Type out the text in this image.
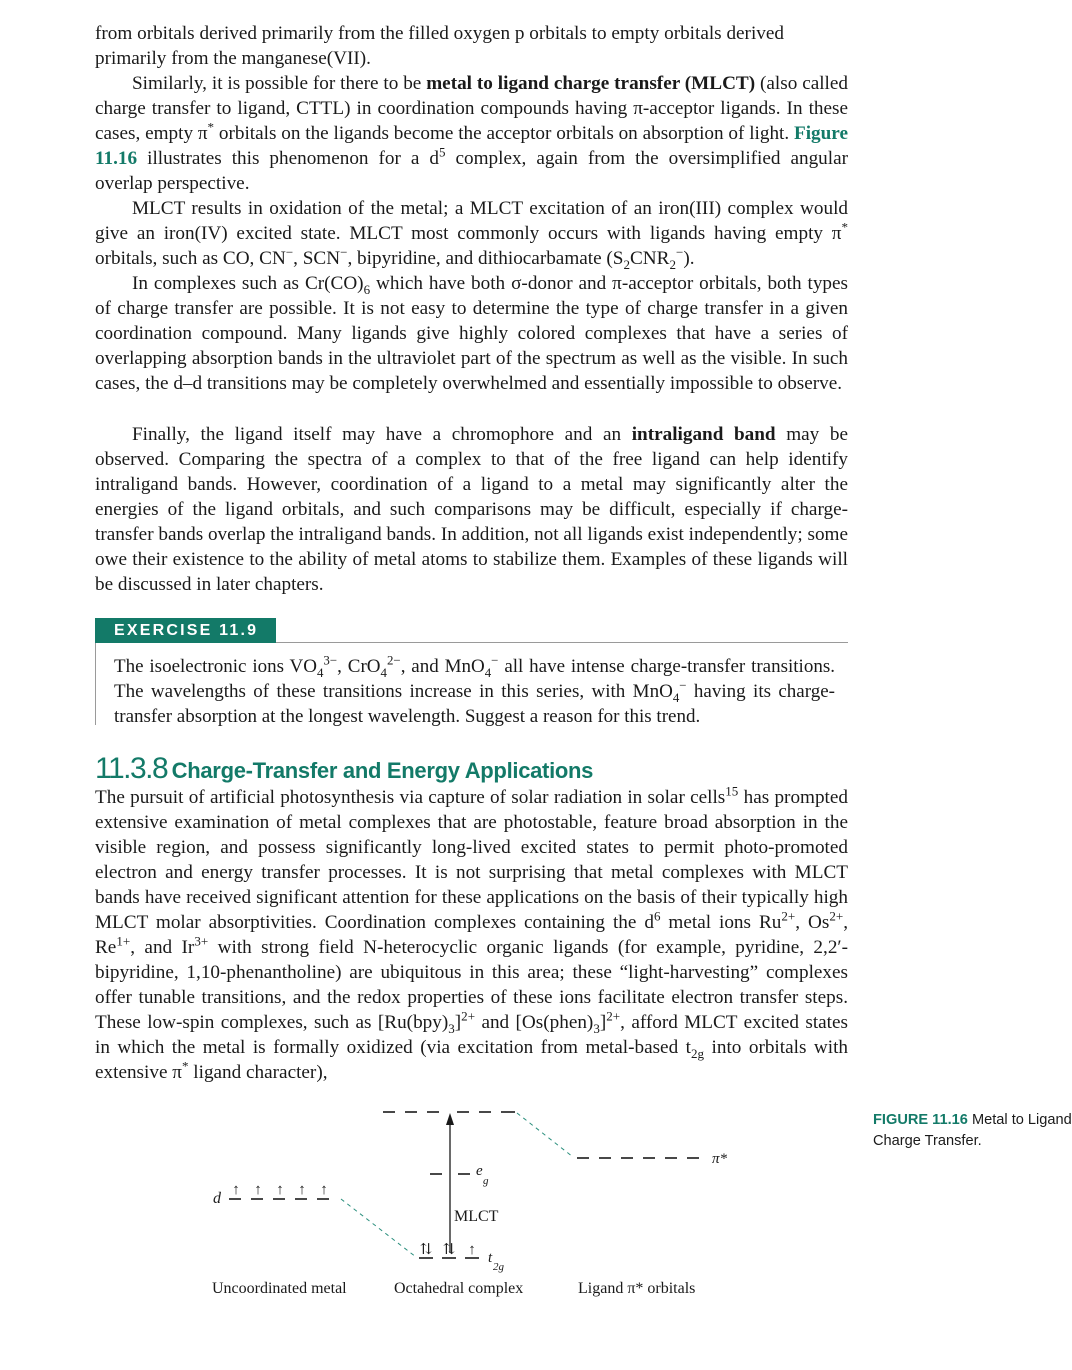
from orbitals derived primarily from the filled oxygen p orbitals to empty orbitals derived

primarily from the manganese(VII).

Similarly, it is possible for there to be metal to ligand charge transfer (MLCT) (also called charge transfer to ligand, CTTL) in coordination compounds having π-acceptor ligands. In these cases, empty π* orbitals on the ligands become the acceptor orbitals on absorption of light. Figure 11.16 illustrates this phenomenon for a $d^5$ complex, again from the oversimplified angular overlap perspective.

MLCT results in oxidation of the metal; a MLCT excitation of an iron(III) complex would give an iron(IV) excited state. MLCT most commonly occurs with ligands having empty π* orbitals, such as CO, CN−, SCN−, bipyridine, and dithiocarbamate $(S_2CNR_2^-)$.

In complexes such as $Cr(CO)_6$ which have both σ-donor and π-acceptor orbitals, both types of charge transfer are possible. It is not easy to determine the type of charge transfer in a given coordination compound. Many ligands give highly colored complexes that have a series of overlapping absorption bands in the ultraviolet part of the spectrum as well as the visible. In such cases, the d–d transitions may be completely overwhelmed and essentially impossible to observe.

Finally, the ligand itself may have a chromophore and an intraligand band may be observed. Comparing the spectra of a complex to that of the free ligand can help identify intraligand bands. However, coordination of a ligand to a metal may significantly alter the energies of the ligand orbitals, and such comparisons may be difficult, especially if charge-transfer bands overlap the intraligand bands. In addition, not all ligands exist independently; some owe their existence to the ability of metal atoms to stabilize them. Examples of these ligands will be discussed in later chapters.

EXERCISE 11.9

The isoelectronic ions $VO_4^{3-}$, CrO$_4^{2-}$, and MnO$_4$− all have intense charge-transfer transitions. The wavelengths of these transitions increase in this series, with MnO$_4$− having its charge-transfer absorption at the longest wavelength. Suggest a reason for this trend.

11.3.8 Charge-Transfer and Energy Applications

The pursuit of artificial photosynthesis via capture of solar radiation in solar cells$^{15}$ has prompted extensive examination of metal complexes that are photostable, feature broad absorption in the visible region, and possess significantly long-lived excited states to permit photo-promoted electron and energy transfer processes. It is not surprising that metal complexes with MLCT bands have received significant attention for these applications on the basis of their typically high MLCT molar absorptivities. Coordination complexes containing the $d^6$ metal ions $Ru^{2+}$, $Os^{2+}$, $Re^{1+}$, and $Ir^{3+}$ with strong field N-heterocyclic organic ligands (for example, pyridine, 2,2′-bipyridine, 1,10-phenantholine) are ubiquitous in this area; these “light-harvesting” complexes offer tunable transitions, and the redox properties of these ions facilitate electron transfer steps. These low-spin complexes, such as $[Ru(bpy)_3]^{2+}$ and $[Os(phen)_3]^{2+}$, afford MLCT excited states in which the metal is formally oxidized (via excitation from metal-based $t_{2g}$ into orbitals with extensive π* ligand character),

FIGURE 11.16 Metal to Ligand
Charge Transfer.
d ↑ ↑ ↑ ↑ ↑
e
g
⇅ ⇅ ↑ t
2g
MLCT
π*
Uncoordinated metal	Octahedral complex	Ligand π* orbitals
